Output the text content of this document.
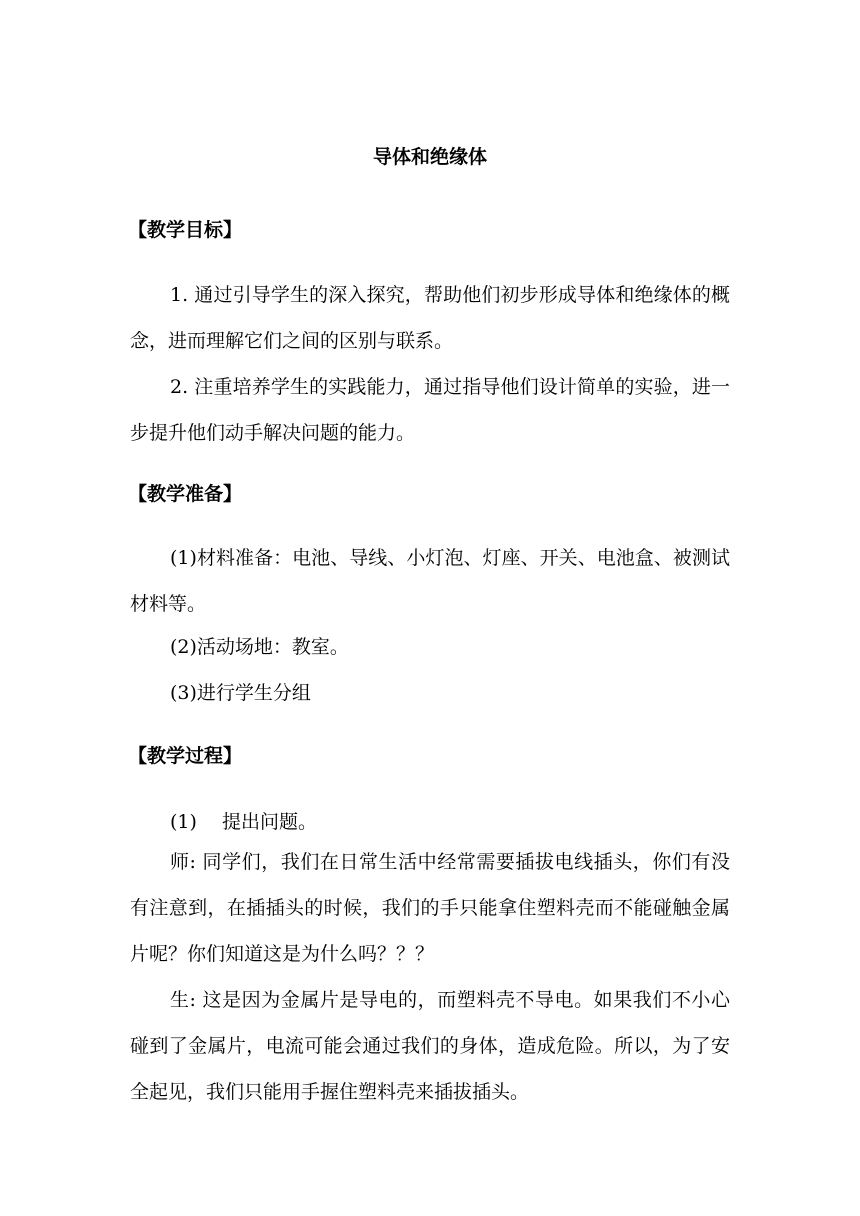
导体和绝缘体
【教学目标】

1. 通过引导学生的深入探究，帮助他们初步形成导体和绝缘体的概念，进而理解它们之间的区别与联系。

2. 注重培养学生的实践能力，通过指导他们设计简单的实验，进一步提升他们动手解决问题的能力。

【教学准备】

(1)材料准备：电池、导线、小灯泡、灯座、开关、电池盒、被测试材料等。

(2)活动场地：教室。
(3)进行学生分组
【教学过程】
(1)　 提出问题。

师: 同学们，我们在日常生活中经常需要插拔电线插头，你们有没有注意到，在插插头的时候，我们的手只能拿住塑料壳而不能碰触金属片呢？你们知道这是为什么吗？？？

生: 这是因为金属片是导电的，而塑料壳不导电。如果我们不小心碰到了金属片，电流可能会通过我们的身体，造成危险。所以，为了安全起见，我们只能用手握住塑料壳来插拔插头。
